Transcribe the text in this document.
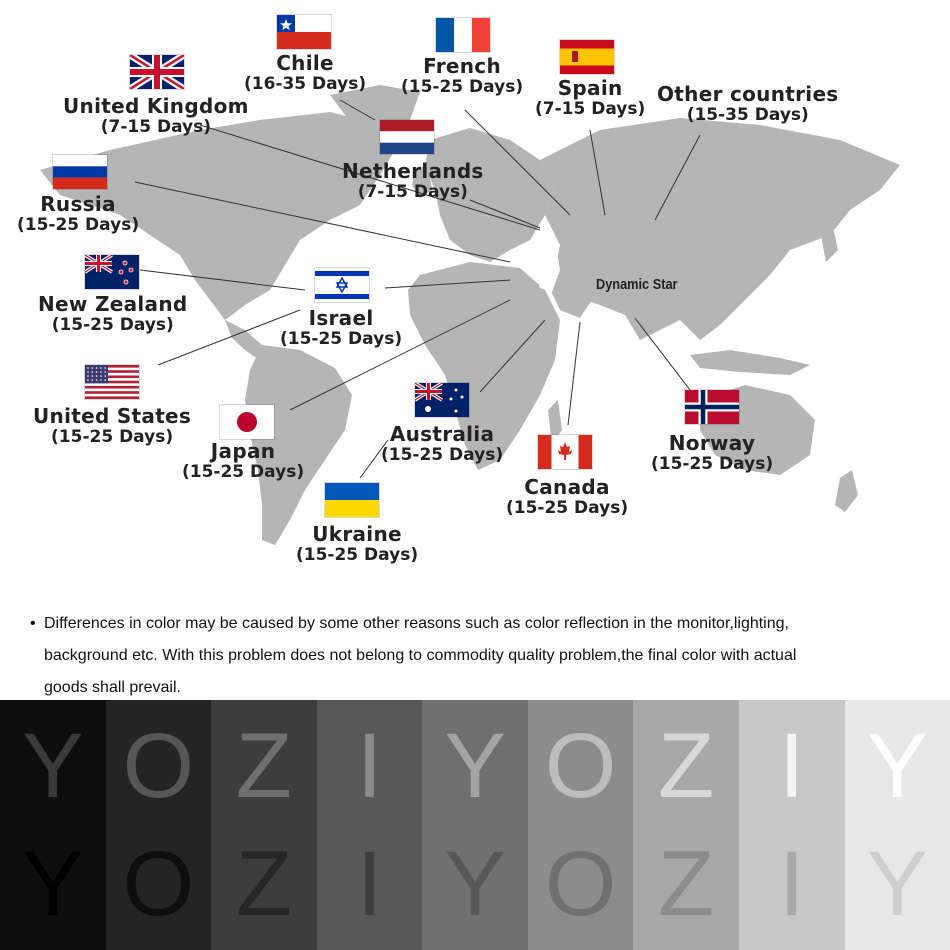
Dynamic Star
Chile
(16-35 Days)
French
(15-25 Days)	Spain
(7-15 Days)
Other countries
(15-35 Days)
United Kingdom
(7-15 Days)
Netherlands
(7-15 Days)
Russia
(15-25 Days)
New Zealand
(15-25 Days)	Israel
(15-25 Days)
United States
(15-25 Days)
Japan
(15-25 Days)
Australia
(15-25 Days)
Canada
(15-25 Days)
Norway
(15-25 Days)
Ukraine
(15-25 Days)
• Differences in color may be caused by some other reasons such as color reflection in the monitor,lighting,

background etc. With this problem does not belong to commodity quality problem,the final color with actual

goods shall prevail.

Y
Y
O
O
Z
Z
I
I
Y
Y
O
O
Z
Z
I
I
Y
Y
